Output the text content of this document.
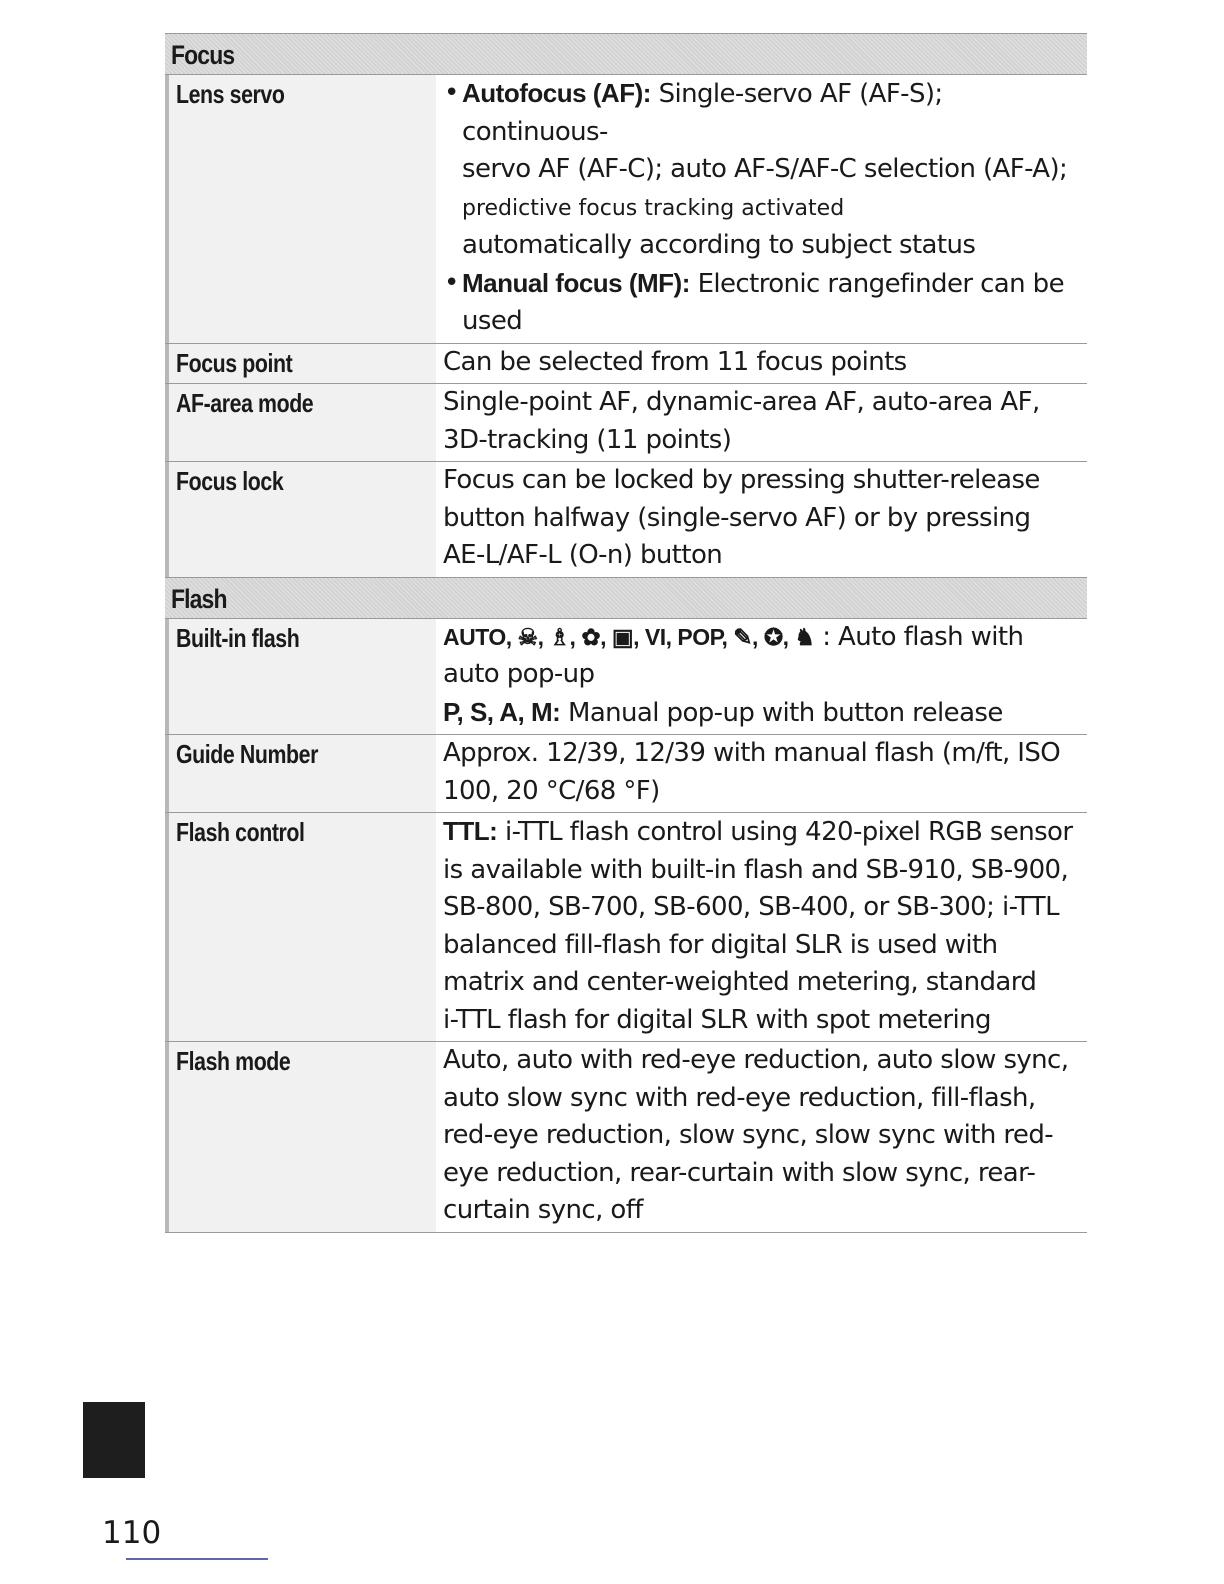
Focus
Lens servo
•	Autofocus (AF): Single-servo AF (AF-S); continuous-
servo AF (AF-C); auto AF-S/AF-C selection (AF-A);
predictive focus tracking activated
automatically according to subject status
• Manual focus (MF): Electronic rangefinder can be
used
Focus point	Can be selected from 11 focus points
AF-area mode	Single-point AF, dynamic-area AF, auto-area AF,
3D-tracking (11 points)
Focus lock	Focus can be locked by pressing shutter-release
button halfway (single-servo AF) or by pressing
AE-L/AF-L (O‑n) button
Flash
Built-in flash	AUTO, ☠, ♗, ✿, ▣, VI, POP, ✎, ✪, ♞ : Auto flash with
auto pop-up
P, S, A, M: Manual pop-up with button release
Guide Number	Approx. 12/39, 12/39 with manual flash (m/ft, ISO
100, 20 °C/68 °F)
Flash control	TTL: i-TTL flash control using 420-pixel RGB sensor
is available with built-in flash and SB-910, SB-900,
SB-800, SB-700, SB-600, SB-400, or SB-300; i-TTL
balanced fill-flash for digital SLR is used with
matrix and center-weighted metering, standard
i-TTL flash for digital SLR with spot metering
Flash mode	Auto, auto with red-eye reduction, auto slow sync,
auto slow sync with red-eye reduction, fill-flash,
red-eye reduction, slow sync, slow sync with red-
eye reduction, rear-curtain with slow sync, rear-
curtain sync, off
110
